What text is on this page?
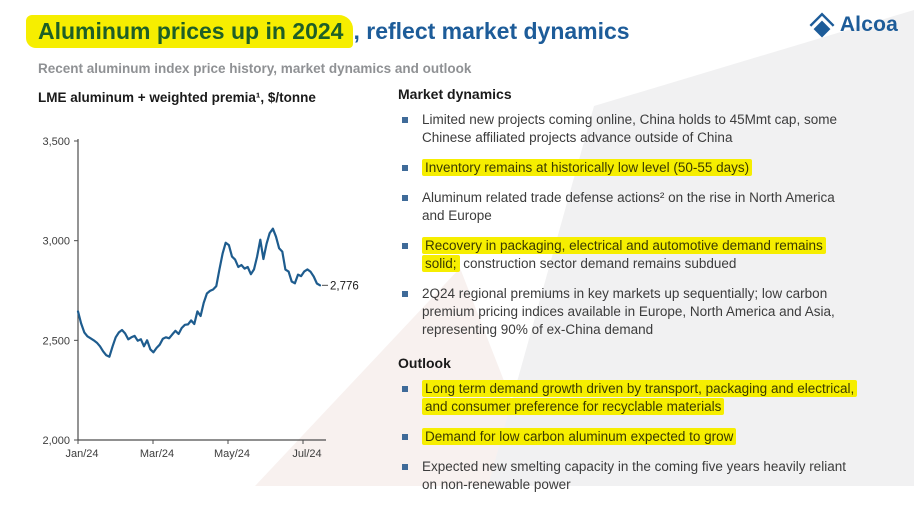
Aluminum prices up in 2024 , reflect market dynamics
Recent aluminum index price history, market dynamics and outlook
Alcoa
LME aluminum + weighted premia¹, $/tonne
3,500
3,000
2,500
2,000
Jan/24	Mar/24	May/24	Jul/24
2,776
Market dynamics
Limited new projects coming online, China holds to 45Mmt cap, some Chinese affiliated projects advance outside of China
Inventory remains at historically low level (50-55 days)
Aluminum related trade defense actions² on the rise in North America and Europe
Recovery in packaging, electrical and automotive demand remains solid; construction sector demand remains subdued
2Q24 regional premiums in key markets up sequentially; low carbon premium pricing indices available in Europe, North America and Asia, representing 90% of ex-China demand
Outlook
Long term demand growth driven by transport, packaging and electrical, and consumer preference for recyclable materials
Demand for low carbon aluminum expected to grow
Expected new smelting capacity in the coming five years heavily reliant on non-renewable power
